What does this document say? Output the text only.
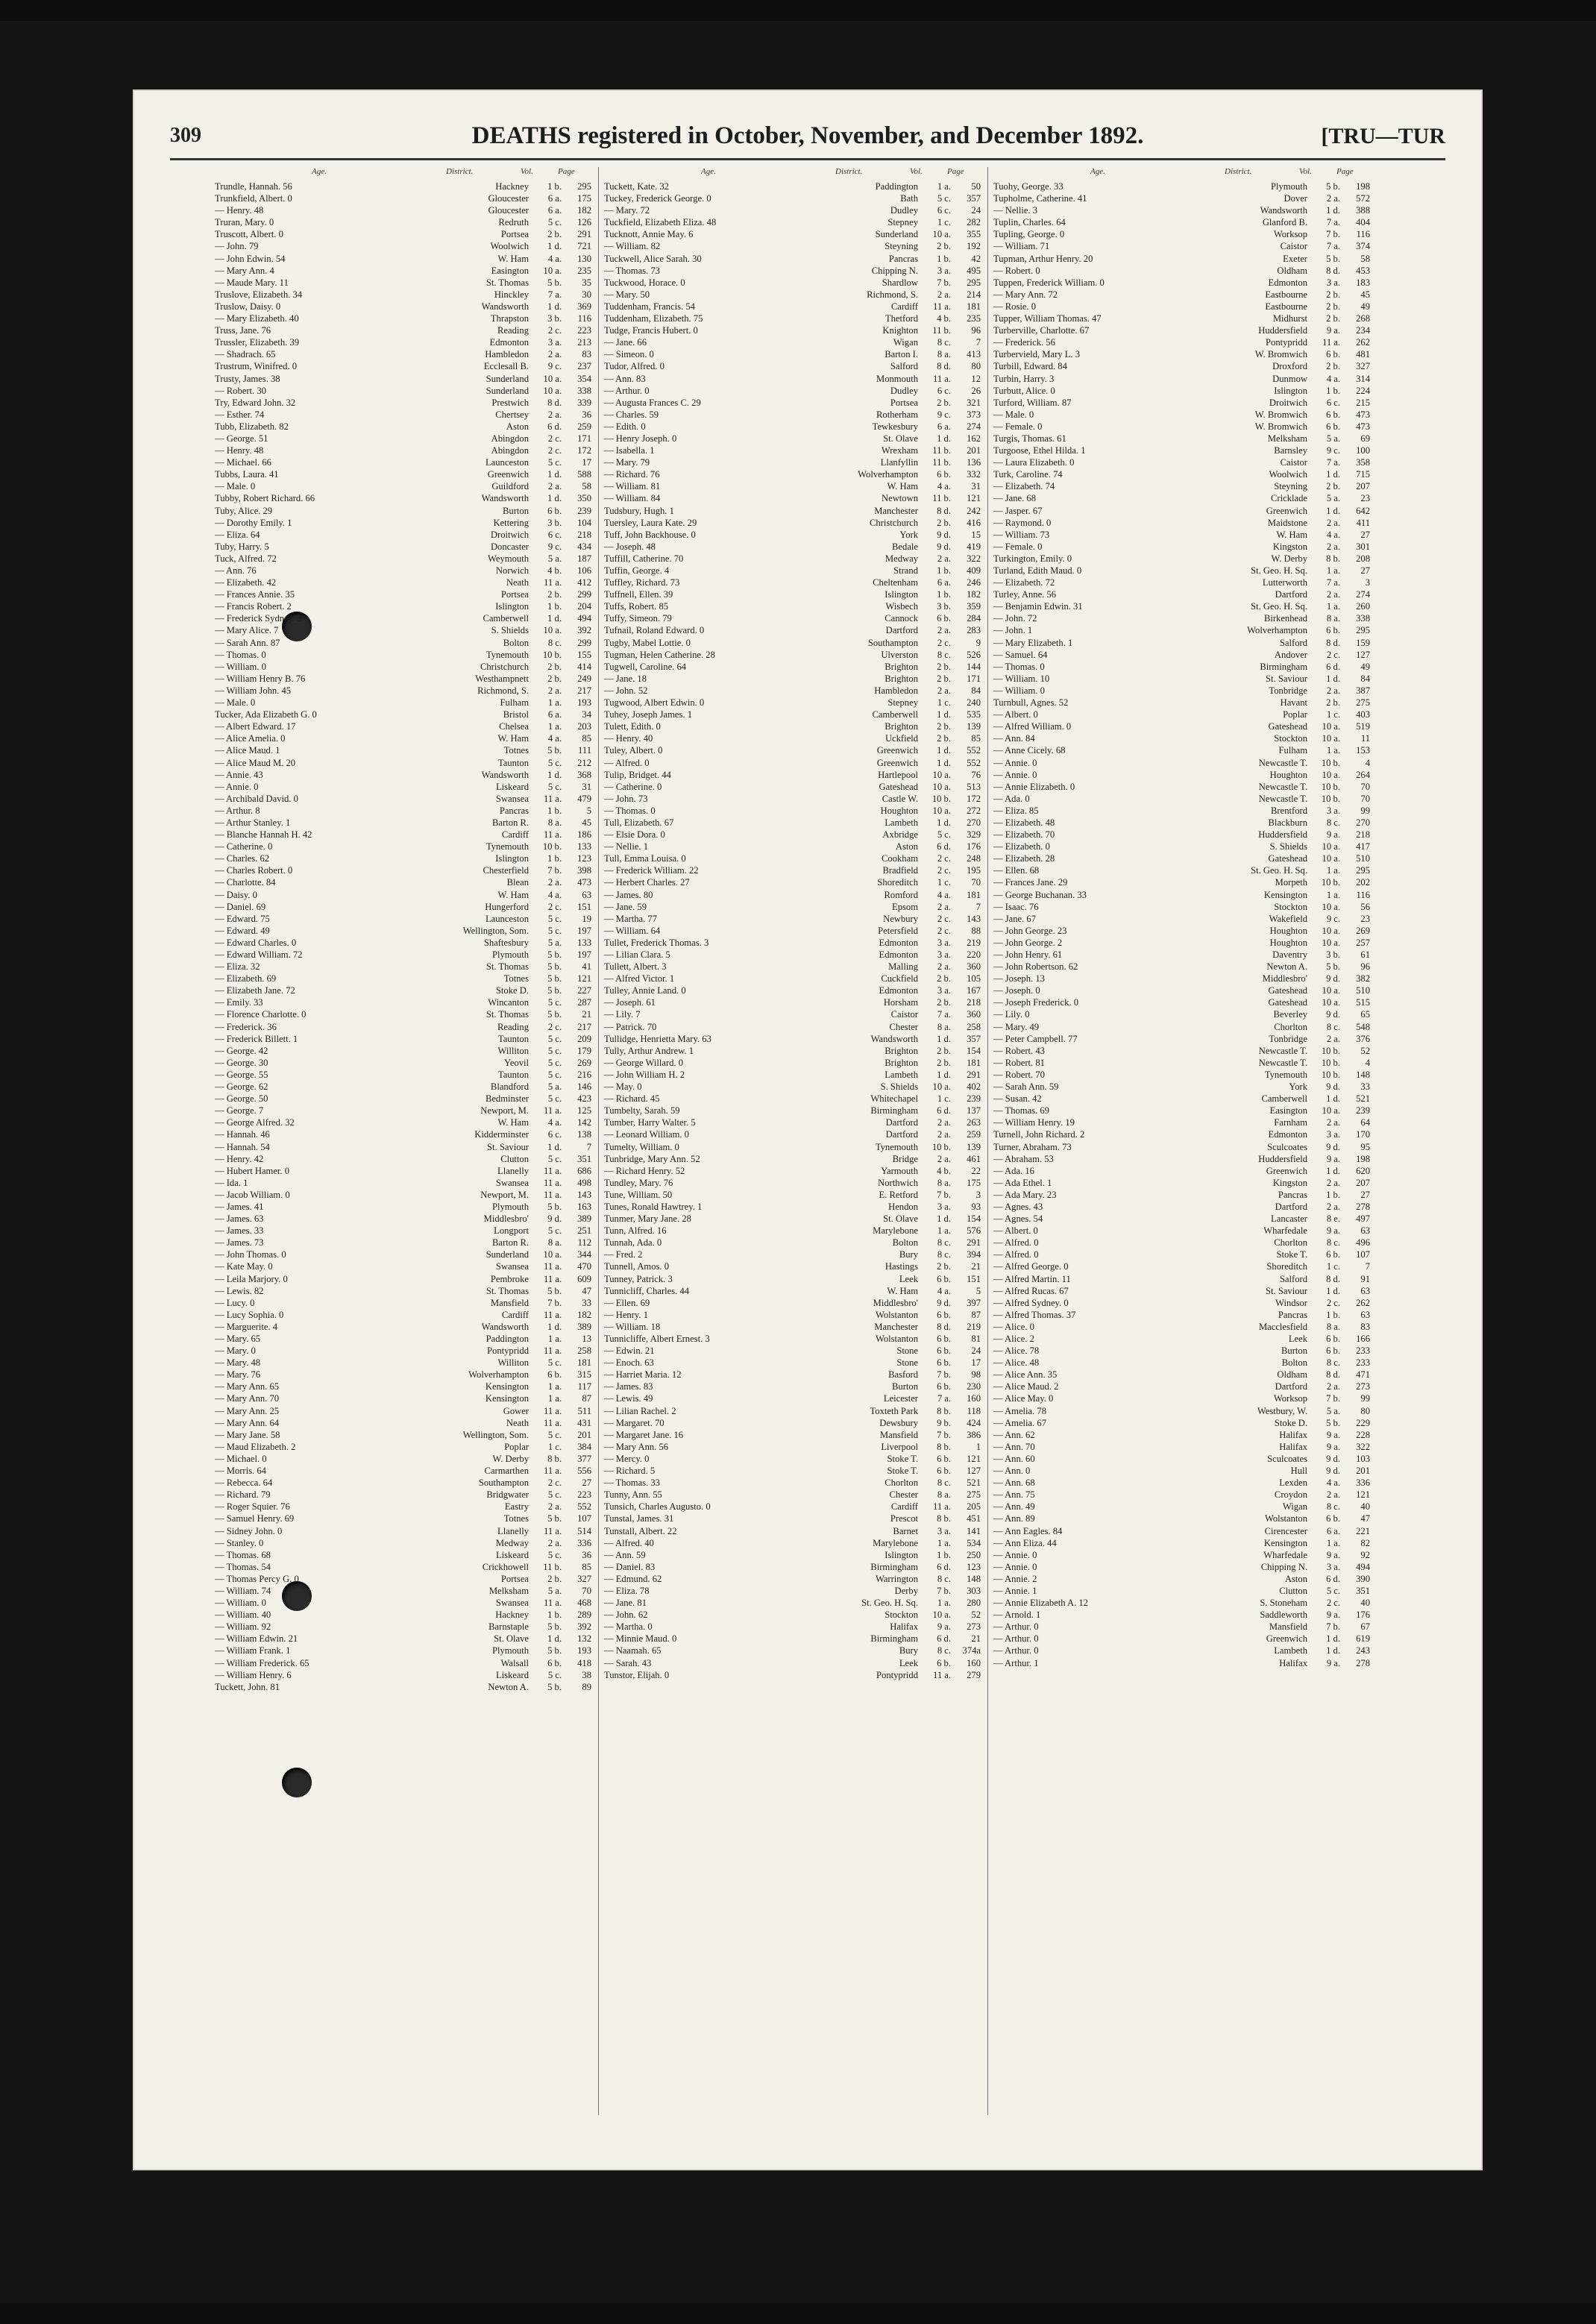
309	DEATHS registered in October, November, and December 1892.	[TRU—TUR
Age.	District.	Vol.	Page
Trundle, Hannah. 56	Hackney	1 b.	295
Trunkfield, Albert. 0	Gloucester	6 a.	175
— Henry. 48	Gloucester	6 a.	182
Truran, Mary. 0	Redruth	5 c.	126
Truscott, Albert. 0	Portsea	2 b.	291
— John. 79	Woolwich	1 d.	721
— John Edwin. 54	W. Ham	4 a.	130
— Mary Ann. 4	Easington	10 a.	235
— Maude Mary. 11	St. Thomas	5 b.	35
Truslove, Elizabeth. 34	Hinckley	7 a.	30
Truslow, Daisy. 0	Wandsworth	1 d.	369
— Mary Elizabeth. 40	Thrapston	3 b.	116
Truss, Jane. 76	Reading	2 c.	223
Trussler, Elizabeth. 39	Edmonton	3 a.	213
— Shadrach. 65	Hambledon	2 a.	83
Trustrum, Winifred. 0	Ecclesall B.	9 c.	237
Trusty, James. 38	Sunderland	10 a.	354
— Robert. 30	Sunderland	10 a.	338
Try, Edward John. 32	Prestwich	8 d.	339
— Esther. 74	Chertsey	2 a.	36
Tubb, Elizabeth. 82	Aston	6 d.	259
— George. 51	Abingdon	2 c.	171
— Henry. 48	Abingdon	2 c.	172
— Michael. 66	Launceston	5 c.	17
Tubbs, Laura. 41	Greenwich	1 d.	588
— Male. 0	Guildford	2 a.	58
Tubby, Robert Richard. 66	Wandsworth	1 d.	350
Tuby, Alice. 29	Burton	6 b.	239
— Dorothy Emily. 1	Kettering	3 b.	104
— Eliza. 64	Droitwich	6 c.	218
Tuby, Harry. 5	Doncaster	9 c.	434
Tuck, Alfred. 72	Weymouth	5 a.	187
— Ann. 76	Norwich	4 b.	106
— Elizabeth. 42	Neath	11 a.	412
— Frances Annie. 35	Portsea	2 b.	299
— Francis Robert. 2	Islington	1 b.	204
— Frederick Sydney. 3	Camberwell	1 d.	494
— Mary Alice. 7	S. Shields	10 a.	392
— Sarah Ann. 87	Bolton	8 c.	299
— Thomas. 0	Tynemouth	10 b.	155
— William. 0	Christchurch	2 b.	414
— William Henry B. 76	Westhampnett	2 b.	249
— William John. 45	Richmond, S.	2 a.	217
— Male. 0	Fulham	1 a.	193
Tucker, Ada Elizabeth G. 0	Bristol	6 a.	34
— Albert Edward. 17	Chelsea	1 a.	203
— Alice Amelia. 0	W. Ham	4 a.	85
— Alice Maud. 1	Totnes	5 b.	111
— Alice Maud M. 20	Taunton	5 c.	212
— Annie. 43	Wandsworth	1 d.	368
— Annie. 0	Liskeard	5 c.	31
— Archibald David. 0	Swansea	11 a.	479
— Arthur. 8	Pancras	1 b.	5
— Arthur Stanley. 1	Barton R.	8 a.	45
— Blanche Hannah H. 42	Cardiff	11 a.	186
— Catherine. 0	Tynemouth	10 b.	133
— Charles. 62	Islington	1 b.	123
— Charles Robert. 0	Chesterfield	7 b.	398
— Charlotte. 84	Blean	2 a.	473
— Daisy. 0	W. Ham	4 a.	63
— Daniel. 69	Hungerford	2 c.	151
— Edward. 75	Launceston	5 c.	19
— Edward. 49	Wellington, Som.	5 c.	197
— Edward Charles. 0	Shaftesbury	5 a.	133
— Edward William. 72	Plymouth	5 b.	197
— Eliza. 32	St. Thomas	5 b.	41
— Elizabeth. 69	Totnes	5 b.	121
— Elizabeth Jane. 72	Stoke D.	5 b.	227
— Emily. 33	Wincanton	5 c.	287
— Florence Charlotte. 0	St. Thomas	5 b.	21
— Frederick. 36	Reading	2 c.	217
— Frederick Billett. 1	Taunton	5 c.	209
— George. 42	Williton	5 c.	179
— George. 30	Yeovil	5 c.	269
— George. 55	Taunton	5 c.	216
— George. 62	Blandford	5 a.	146
— George. 50	Bedminster	5 c.	423
— George. 7	Newport, M.	11 a.	125
— George Alfred. 32	W. Ham	4 a.	142
— Hannah. 46	Kidderminster	6 c.	138
— Hannah. 54	St. Saviour	1 d.	7
— Henry. 42	Clutton	5 c.	351
— Hubert Hamer. 0	Llanelly	11 a.	686
— Ida. 1	Swansea	11 a.	498
— Jacob William. 0	Newport, M.	11 a.	143
— James. 41	Plymouth	5 b.	163
— James. 63	Middlesbro'	9 d.	389
— James. 33	Longport	5 c.	251
— James. 73	Barton R.	8 a.	112
— John Thomas. 0	Sunderland	10 a.	344
— Kate May. 0	Swansea	11 a.	470
— Leila Marjory. 0	Pembroke	11 a.	609
— Lewis. 82	St. Thomas	5 b.	47
— Lucy. 0	Mansfield	7 b.	33
— Lucy Sophia. 0	Cardiff	11 a.	182
— Marguerite. 4	Wandsworth	1 d.	389
— Mary. 65	Paddington	1 a.	13
— Mary. 0	Pontypridd	11 a.	258
— Mary. 48	Williton	5 c.	181
— Mary. 76	Wolverhampton	6 b.	315
— Mary Ann. 65	Kensington	1 a.	117
— Mary Ann. 70	Kensington	1 a.	87
— Mary Ann. 25	Gower	11 a.	511
— Mary Ann. 64	Neath	11 a.	431
— Mary Jane. 58	Wellington, Som.	5 c.	201
— Maud Elizabeth. 2	Poplar	1 c.	384
— Michael. 0	W. Derby	8 b.	377
— Morris. 64	Carmarthen	11 a.	556
— Rebecca. 64	Southampton	2 c.	27
— Richard. 79	Bridgwater	5 c.	223
— Roger Squier. 76	Eastry	2 a.	552
— Samuel Henry. 69	Totnes	5 b.	107
— Sidney John. 0	Llanelly	11 a.	514
— Stanley. 0	Medway	2 a.	336
— Thomas. 68	Liskeard	5 c.	36
— Thomas. 54	Crickhowell	11 b.	85
— Thomas Percy G. 0	Portsea	2 b.	327
— William. 74	Melksham	5 a.	70
— William. 0	Swansea	11 a.	468
— William. 40	Hackney	1 b.	289
— William. 92	Barnstaple	5 b.	392
— William Edwin. 21	St. Olave	1 d.	132
— William Frank. 1	Plymouth	5 b.	193
— William Frederick. 65	Walsall	6 b.	418
— William Henry. 6	Liskeard	5 c.	38
Tuckett, John. 81	Newton A.	5 b.	89
Age.	District.	Vol.	Page
Tuckett, Kate. 32	Paddington	1 a.	50
Tuckey, Frederick George. 0	Bath	5 c.	357
— Mary. 72	Dudley	6 c.	24
Tuckfield, Elizabeth Eliza. 48	Stepney	1 c.	282
Tucknott, Annie May. 6	Sunderland	10 a.	355
— William. 82	Steyning	2 b.	192
Tuckwell, Alice Sarah. 30	Pancras	1 b.	42
— Thomas. 73	Chipping N.	3 a.	495
Tuckwood, Horace. 0	Shardlow	7 b.	295
— Mary. 50	Richmond, S.	2 a.	214
Tuddenham, Francis. 54	Cardiff	11 a.	181
Tuddenham, Elizabeth. 75	Thetford	4 b.	235
Tudge, Francis Hubert. 0	Knighton	11 b.	96
— Jane. 66	Wigan	8 c.	7
— Simeon. 0	Barton I.	8 a.	413
Tudor, Alfred. 0	Salford	8 d.	80
— Ann. 83	Monmouth	11 a.	12
— Arthur. 0	Dudley	6 c.	26
— Augusta Frances C. 29	Portsea	2 b.	321
— Charles. 59	Rotherham	9 c.	373
— Edith. 0	Tewkesbury	6 a.	274
— Henry Joseph. 0	St. Olave	1 d.	162
— Isabella. 1	Wrexham	11 b.	201
— Mary. 79	Llanfyllin	11 b.	136
— Richard. 76	Wolverhampton	6 b.	332
— William. 81	W. Ham	4 a.	31
— William. 84	Newtown	11 b.	121
Tudsbury, Hugh. 1	Manchester	8 d.	242
Tuersley, Laura Kate. 29	Christchurch	2 b.	416
Tuff, John Backhouse. 0	York	9 d.	15
— Joseph. 48	Bedale	9 d.	419
Tuffill, Catherine. 70	Medway	2 a.	322
Tuffin, George. 4	Strand	1 b.	409
Tuffley, Richard. 73	Cheltenham	6 a.	246
Tuffnell, Ellen. 39	Islington	1 b.	182
Tuffs, Robert. 85	Wisbech	3 b.	359
Tuffy, Simeon. 79	Cannock	6 b.	284
Tufnail, Roland Edward. 0	Dartford	2 a.	283
Tugby, Mabel Lottie. 0	Southampton	2 c.	9
Tugman, Helen Catherine. 28	Ulverston	8 c.	526
Tugwell, Caroline. 64	Brighton	2 b.	144
— Jane. 18	Brighton	2 b.	171
— John. 52	Hambledon	2 a.	84
Tugwood, Albert Edwin. 0	Stepney	1 c.	240
Tuhey, Joseph James. 1	Camberwell	1 d.	535
Tulett, Edith. 0	Brighton	2 b.	139
— Henry. 40	Uckfield	2 b.	85
Tuley, Albert. 0	Greenwich	1 d.	552
— Alfred. 0	Greenwich	1 d.	552
Tulip, Bridget. 44	Hartlepool	10 a.	76
— Catherine. 0	Gateshead	10 a.	513
— John. 73	Castle W.	10 b.	172
— Thomas. 0	Houghton	10 a.	272
Tull, Elizabeth. 67	Lambeth	1 d.	270
— Elsie Dora. 0	Axbridge	5 c.	329
— Nellie. 1	Aston	6 d.	176
Tull, Emma Louisa. 0	Cookham	2 c.	248
— Frederick William. 22	Bradfield	2 c.	195
— Herbert Charles. 27	Shoreditch	1 c.	70
— James. 80	Romford	4 a.	181
— Jane. 59	Epsom	2 a.	7
— Martha. 77	Newbury	2 c.	143
— William. 64	Petersfield	2 c.	88
Tullet, Frederick Thomas. 3	Edmonton	3 a.	219
— Lilian Clara. 5	Edmonton	3 a.	220
Tullett, Albert. 3	Malling	2 a.	360
— Alfred Victor. 1	Cuckfield	2 b.	105
Tulley, Annie Land. 0	Edmonton	3 a.	167
— Joseph. 61	Horsham	2 b.	218
— Lily. 7	Caistor	7 a.	360
— Patrick. 70	Chester	8 a.	258
Tullidge, Henrietta Mary. 63	Wandsworth	1 d.	357
Tully, Arthur Andrew. 1	Brighton	2 b.	154
— George Willard. 0	Brighton	2 b.	181
— John William H. 2	Lambeth	1 d.	291
— May. 0	S. Shields	10 a.	402
— Richard. 45	Whitechapel	1 c.	239
Tumbelty, Sarah. 59	Birmingham	6 d.	137
Tumber, Harry Walter. 5	Dartford	2 a.	263
— Leonard William. 0	Dartford	2 a.	259
Tumelty, William. 0	Tynemouth	10 b.	139
Tunbridge, Mary Ann. 52	Bridge	2 a.	461
— Richard Henry. 52	Yarmouth	4 b.	22
Tundley, Mary. 76	Northwich	8 a.	175
Tune, William. 50	E. Retford	7 b.	3
Tunes, Ronald Hawtrey. 1	Hendon	3 a.	93
Tunmer, Mary Jane. 28	St. Olave	1 d.	154
Tunn, Alfred. 16	Marylebone	1 a.	576
Tunnah, Ada. 0	Bolton	8 c.	291
— Fred. 2	Bury	8 c.	394
Tunnell, Amos. 0	Hastings	2 b.	21
Tunney, Patrick. 3	Leek	6 b.	151
Tunnicliff, Charles. 44	W. Ham	4 a.	5
— Ellen. 69	Middlesbro'	9 d.	397
— Henry. 1	Wolstanton	6 b.	87
— William. 18	Manchester	8 d.	219
Tunnicliffe, Albert Ernest. 3	Wolstanton	6 b.	81
— Edwin. 21	Stone	6 b.	24
— Enoch. 63	Stone	6 b.	17
— Harriet Maria. 12	Basford	7 b.	98
— James. 83	Burton	6 b.	230
— Lewis. 49	Leicester	7 a.	160
— Lilian Rachel. 2	Toxteth Park	8 b.	118
— Margaret. 70	Dewsbury	9 b.	424
— Margaret Jane. 16	Mansfield	7 b.	386
— Mary Ann. 56	Liverpool	8 b.	1
— Mercy. 0	Stoke T.	6 b.	121
— Richard. 5	Stoke T.	6 b.	127
— Thomas. 33	Chorlton	8 c.	521
Tunny, Ann. 55	Chester	8 a.	275
Tunsich, Charles Augusto. 0	Cardiff	11 a.	205
Tunstal, James. 31	Prescot	8 b.	451
Tunstall, Albert. 22	Barnet	3 a.	141
— Alfred. 40	Marylebone	1 a.	534
— Ann. 59	Islington	1 b.	250
— Daniel. 83	Birmingham	6 d.	123
— Edmund. 62	Warrington	8 c.	148
— Eliza. 78	Derby	7 b.	303
— Jane. 81	St. Geo. H. Sq.	1 a.	280
— John. 62	Stockton	10 a.	52
— Martha. 0	Halifax	9 a.	273
— Minnie Maud. 0	Birmingham	6 d.	21
— Naamah. 65	Bury	8 c.	374a
— Sarah. 43	Leek	6 b.	160
Tunstor, Elijah. 0	Pontypridd	11 a.	279
Age.	District.	Vol.	Page
Tuohy, George. 33	Plymouth	5 b.	198
Tupholme, Catherine. 41	Dover	2 a.	572
— Nellie. 3	Wandsworth	1 d.	388
Tuplin, Charles. 64	Glanford B.	7 a.	404
Tupling, George. 0	Worksop	7 b.	116
— William. 71	Caistor	7 a.	374
Tupman, Arthur Henry. 20	Exeter	5 b.	58
— Robert. 0	Oldham	8 d.	453
Tuppen, Frederick William. 0	Edmonton	3 a.	183
— Mary Ann. 72	Eastbourne	2 b.	45
— Rosie. 0	Eastbourne	2 b.	49
Tupper, William Thomas. 47	Midhurst	2 b.	268
Turberville, Charlotte. 67	Huddersfield	9 a.	234
— Frederick. 56	Pontypridd	11 a.	262
Turbervield, Mary L. 3	W. Bromwich	6 b.	481
Turbill, Edward. 84	Droxford	2 b.	327
Turbin, Harry. 3	Dunmow	4 a.	314
Turbutt, Alice. 0	Islington	1 b.	224
Turford, William. 87	Droitwich	6 c.	215
— Male. 0	W. Bromwich	6 b.	473
— Female. 0	W. Bromwich	6 b.	473
Turgis, Thomas. 61	Melksham	5 a.	69
Turgoose, Ethel Hilda. 1	Barnsley	9 c.	100
— Laura Elizabeth. 0	Caistor	7 a.	358
Turk, Caroline. 74	Woolwich	1 d.	715
— Elizabeth. 74	Steyning	2 b.	207
— Jane. 68	Cricklade	5 a.	23
— Jasper. 67	Greenwich	1 d.	642
— Raymond. 0	Maidstone	2 a.	411
— William. 73	W. Ham	4 a.	27
— Female. 0	Kingston	2 a.	301
Turkington, Emily. 0	W. Derby	8 b.	208
Turland, Edith Maud. 0	St. Geo. H. Sq.	1 a.	27
— Elizabeth. 72	Lutterworth	7 a.	3
Turley, Anne. 56	Dartford	2 a.	274
— Benjamin Edwin. 31	St. Geo. H. Sq.	1 a.	260
— John. 72	Birkenhead	8 a.	338
— John. 1	Wolverhampton	6 b.	295
— Mary Elizabeth. 1	Salford	8 d.	159
— Samuel. 64	Andover	2 c.	127
— Thomas. 0	Birmingham	6 d.	49
— William. 10	St. Saviour	1 d.	84
— William. 0	Tonbridge	2 a.	387
Turnbull, Agnes. 52	Havant	2 b.	275
— Albert. 0	Poplar	1 c.	403
— Alfred William. 0	Gateshead	10 a.	519
— Ann. 84	Stockton	10 a.	11
— Anne Cicely. 68	Fulham	1 a.	153
— Annie. 0	Newcastle T.	10 b.	4
— Annie. 0	Houghton	10 a.	264
— Annie Elizabeth. 0	Newcastle T.	10 b.	70
— Ada. 0	Newcastle T.	10 b.	70
— Eliza. 85	Brentford	3 a.	99
— Elizabeth. 48	Blackburn	8 c.	270
— Elizabeth. 70	Huddersfield	9 a.	218
— Elizabeth. 0	S. Shields	10 a.	417
— Elizabeth. 28	Gateshead	10 a.	510
— Ellen. 68	St. Geo. H. Sq.	1 a.	295
— Frances Jane. 29	Morpeth	10 b.	202
— George Buchanan. 33	Kensington	1 a.	116
— Isaac. 76	Stockton	10 a.	56
— Jane. 67	Wakefield	9 c.	23
— John George. 23	Houghton	10 a.	269
— John George. 2	Houghton	10 a.	257
— John Henry. 61	Daventry	3 b.	61
— John Robertson. 62	Newton A.	5 b.	96
— Joseph. 13	Middlesbro'	9 d.	382
— Joseph. 0	Gateshead	10 a.	510
— Joseph Frederick. 0	Gateshead	10 a.	515
— Lily. 0	Beverley	9 d.	65
— Mary. 49	Chorlton	8 c.	548
— Peter Campbell. 77	Tonbridge	2 a.	376
— Robert. 43	Newcastle T.	10 b.	52
— Robert. 81	Newcastle T.	10 b.	4
— Robert. 70	Tynemouth	10 b.	148
— Sarah Ann. 59	York	9 d.	33
— Susan. 42	Camberwell	1 d.	521
— Thomas. 69	Easington	10 a.	239
— William Henry. 19	Farnham	2 a.	64
Turnell, John Richard. 2	Edmonton	3 a.	170
Turner, Abraham. 73	Sculcoates	9 d.	95
— Abraham. 53	Huddersfield	9 a.	198
— Ada. 16	Greenwich	1 d.	620
— Ada Ethel. 1	Kingston	2 a.	207
— Ada Mary. 23	Pancras	1 b.	27
— Agnes. 43	Dartford	2 a.	278
— Agnes. 54	Lancaster	8 e.	497
— Albert. 0	Wharfedale	9 a.	63
— Alfred. 0	Chorlton	8 c.	496
— Alfred. 0	Stoke T.	6 b.	107
— Alfred George. 0	Shoreditch	1 c.	7
— Alfred Martin. 11	Salford	8 d.	91
— Alfred Rucas. 67	St. Saviour	1 d.	63
— Alfred Sydney. 0	Windsor	2 c.	262
— Alfred Thomas. 37	Pancras	1 b.	63
— Alice. 0	Macclesfield	8 a.	83
— Alice. 2	Leek	6 b.	166
— Alice. 78	Burton	6 b.	233
— Alice. 48	Bolton	8 c.	233
— Alice Ann. 35	Oldham	8 d.	471
— Alice Maud. 2	Dartford	2 a.	273
— Alice May. 0	Worksop	7 b.	99
— Amelia. 78	Westbury, W.	5 a.	80
— Amelia. 67	Stoke D.	5 b.	229
— Ann. 62	Halifax	9 a.	228
— Ann. 70	Halifax	9 a.	322
— Ann. 60	Sculcoates	9 d.	103
— Ann. 0	Hull	9 d.	201
— Ann. 68	Lexden	4 a.	336
— Ann. 75	Croydon	2 a.	121
— Ann. 49	Wigan	8 c.	40
— Ann. 89	Wolstanton	6 b.	47
— Ann Eagles. 84	Cirencester	6 a.	221
— Ann Eliza. 44	Kensington	1 a.	82
— Annie. 0	Wharfedale	9 a.	92
— Annie. 0	Chipping N.	3 a.	494
— Annie. 2	Aston	6 d.	390
— Annie. 1	Clutton	5 c.	351
— Annie Elizabeth A. 12	S. Stoneham	2 c.	40
— Arnold. 1	Saddleworth	9 a.	176
— Arthur. 0	Mansfield	7 b.	67
— Arthur. 0	Greenwich	1 d.	619
— Arthur. 0	Lambeth	1 d.	243
— Arthur. 1	Halifax	9 a.	278
